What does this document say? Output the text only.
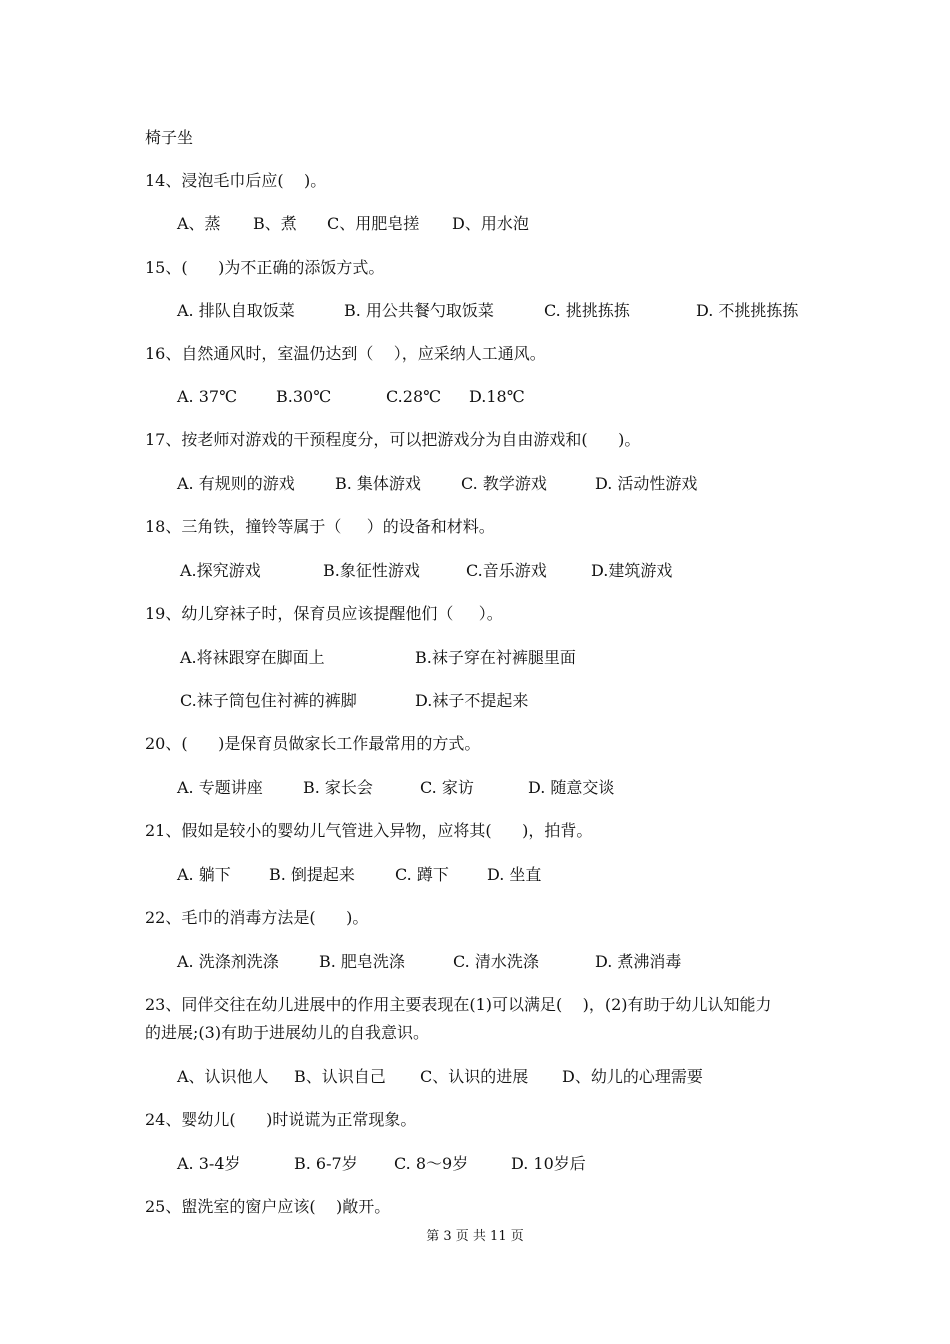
椅子坐
14、浸泡毛巾后应(    )。

A、蒸

B、煮

C、用肥皂搓

D、用水泡

15、(      )为不正确的添饭方式。

A. 排队自取饭菜

	B. 用公共餐勺取饭菜

	C. 挑挑拣拣

	D. 不挑挑拣拣

16、自然通风时，室温仍达到（    ），应采纳人工通风。

A. 37℃

B.30℃

	C.28℃

D.18℃

17、按老师对游戏的干预程度分，可以把游戏分为自由游戏和(      )。

A. 有规则的游戏

	B. 集体游戏

	C. 教学游戏

	D. 活动性游戏

18、三角铁，撞铃等属于（     ）的设备和材料。

A.探究游戏

	B.象征性游戏

	C.音乐游戏

	D.建筑游戏

19、幼儿穿袜子时，保育员应该提醒他们（     ）。

A.将袜跟穿在脚面上

	B.袜子穿在衬裤腿里面

C.袜子筒包住衬裤的裤脚

	D.袜子不提起来

20、(      )是保育员做家长工作最常用的方式。

A. 专题讲座

	B. 家长会

	C. 家访

	D. 随意交谈

21、假如是较小的婴幼儿气管进入异物，应将其(      )，拍背。

A. 躺下

B. 倒提起来

	C. 蹲下

D. 坐直

22、毛巾的消毒方法是(      )。

A. 洗涤剂洗涤

	B. 肥皂洗涤

	C. 清水洗涤

	D. 煮沸消毒

23、同伴交往在幼儿进展中的作用主要表现在(1)可以满足(    )，(2)有助于幼儿认知能力
的进展;(3)有助于进展幼儿的自我意识。

A、认识他人

B、认识自己

C、认识的进展

D、幼儿的心理需要

24、婴幼儿(      )时说谎为正常现象。

A. 3-4岁

	B. 6-7岁

C. 8～9岁

	D. 10岁后

25、盥洗室的窗户应该(    )敞开。
第 3 页 共 11 页
